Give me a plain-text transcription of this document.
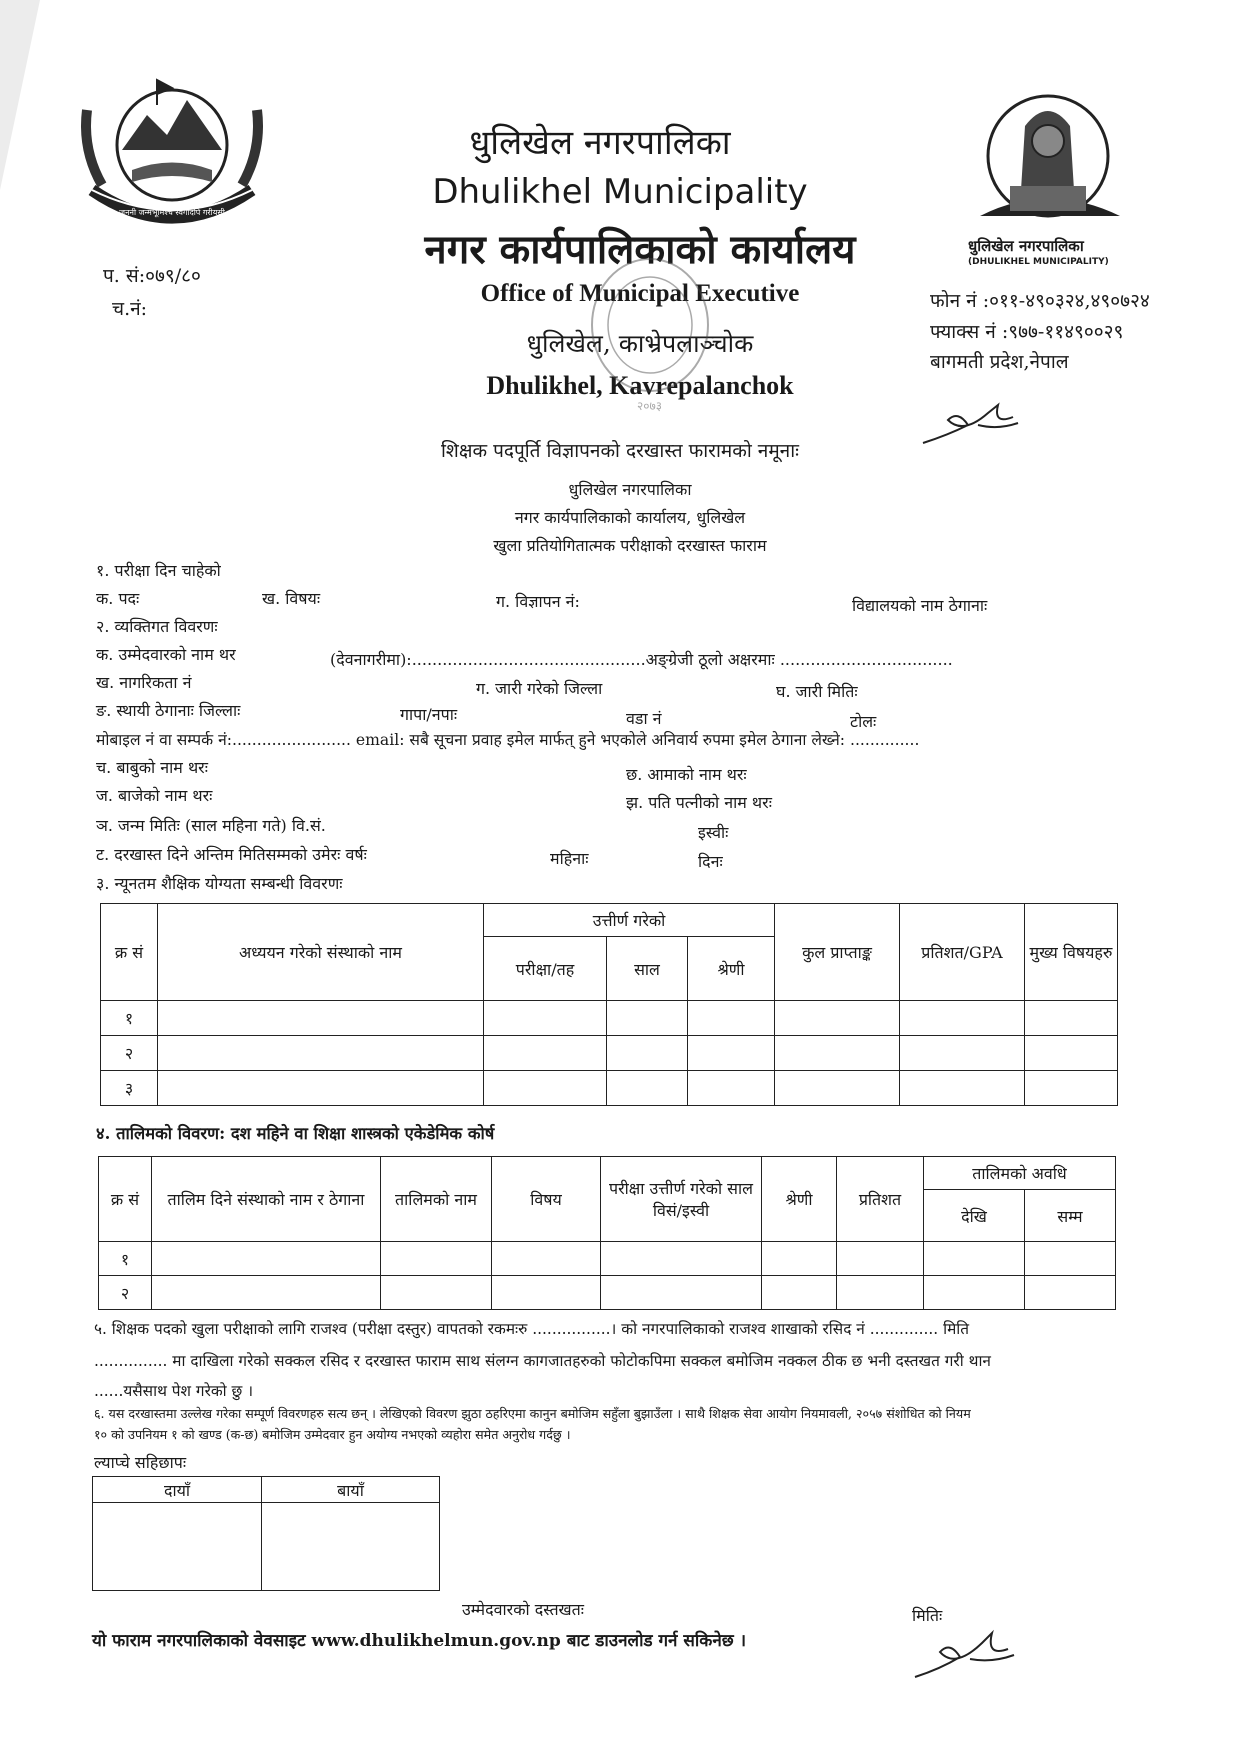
जननी जन्मभूमिश्च स्वर्गादपि गरीयसी
धुलिखेल नगरपालिका
(DHULIKHEL MUNICIPALITY)
धुलिखेल नगरपालिका
Dhulikhel Municipality
नगर कार्यपालिकाको कार्यालय
Office of Municipal Executive
धुलिखेल, काभ्रेपलाञ्चोक
Dhulikhel, Kavrepalanchok
२०७३
प. सं:०७९/८०
च.नं:	फोन नं :०११-४९०३२४,४९०७२४
फ्याक्स नं :९७७-११४९००२९
बागमती प्रदेश,नेपाल
शिक्षक पदपूर्ति विज्ञापनको दरखास्त फारामको नमूनाः
धुलिखेल नगरपालिका
नगर कार्यपालिकाको कार्यालय, धुलिखेल
खुला प्रतियोगितात्मक परीक्षाको दरखास्त फाराम
१. परीक्षा दिन चाहेको
क. पदः	ख. विषयः	ग. विज्ञापन नं:	विद्यालयको नाम ठेगानाः
२. व्यक्तिगत विवरणः
क. उम्मेदवारको नाम थर	(देवनागरीमा):..............................................अङ्ग्रेजी ठूलो अक्षरमाः ..................................
ख. नागरिकता नं	ग. जारी गरेको जिल्ला	घ. जारी मितिः
ङ. स्थायी ठेगानाः जिल्लाः	गापा/नपाः	वडा नं	टोलः
मोबाइल नं वा सम्पर्क नं:........................ email: सबै सूचना प्रवाह इमेल मार्फत् हुने भएकोले अनिवार्य रुपमा इमेल ठेगाना लेख्ने: ..............
च. बाबुको नाम थरः	छ. आमाको नाम थरः
ज. बाजेको नाम थरः	झ. पति पत्नीको नाम थरः
ञ. जन्म मितिः (साल महिना गते) वि.सं.	इस्वीः
ट. दरखास्त दिने अन्तिम मितिसम्मको उमेरः वर्षः	महिनाः	दिनः
३. न्यूनतम शैक्षिक योग्यता सम्बन्धी विवरणः
क्र सं	अध्ययन गरेको संस्थाको नाम	उत्तीर्ण गरेको			कुल प्राप्ताङ्क	प्रतिशत/GPA	मुख्य विषयहरु
		परीक्षा/तह	साल	श्रेणी			
१							
२							
३							
४. तालिमको विवरण: दश महिने वा शिक्षा शास्त्रको एकेडेमिक कोर्ष
क्र सं	तालिम दिने संस्थाको नाम र ठेगाना	तालिमको नाम	विषय	परीक्षा उत्तीर्ण गरेको साल विसं/इस्वी	श्रेणी	प्रतिशत	तालिमको अवधि	
							देखि	सम्म
१								
२								
५. शिक्षक पदको खुला परीक्षाको लागि राजश्व (परीक्षा दस्तुर) वापतको रकमःरु ................। को नगरपालिकाको राजश्व शाखाको रसिद नं .............. मिति
............... मा दाखिला गरेको सक्कल रसिद र दरखास्त फाराम साथ संलग्न कागजातहरुको फोटोकपिमा सक्कल बमोजिम नक्कल ठीक छ भनी दस्तखत गरी थान
......यसैसाथ पेश गरेको छु ।
६. यस दरखास्तमा उल्लेख गरेका सम्पूर्ण विवरणहरु सत्य छन् । लेखिएको विवरण झुठा ठहरिएमा कानुन बमोजिम सहुँला बुझाउँला । साथै शिक्षक सेवा आयोग नियमावली, २०५७ संशोधित को नियम
१० को उपनियम १ को खण्ड (क-छ) बमोजिम उम्मेदवार हुन अयोग्य नभएको व्यहोरा समेत अनुरोध गर्दछु ।
ल्याप्चे सहिछापः
दायाँ	बायाँ

उम्मेदवारको दस्तखतः	मितिः
यो फाराम नगरपालिकाको वेवसाइट www.dhulikhelmun.gov.np बाट डाउनलोड गर्न सकिनेछ ।
